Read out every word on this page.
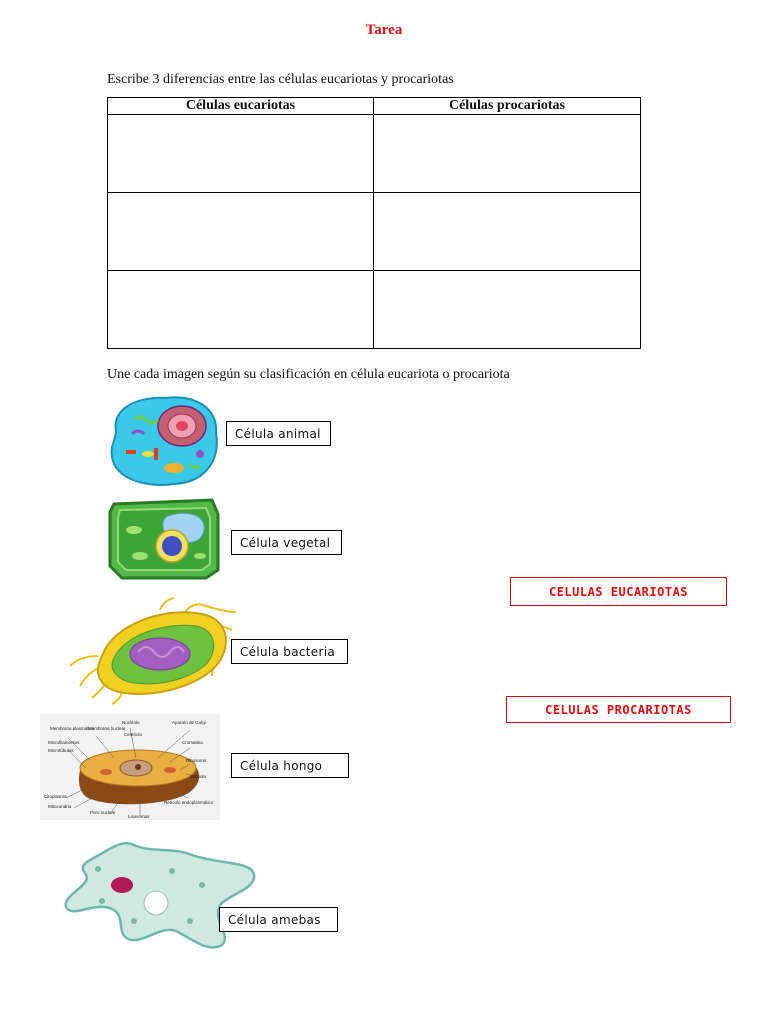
Tarea
Escribe 3 diferencias entre las células eucariotas y procariotas
Células eucariotas	Células procariotas

Une cada imagen según su clasificación en célula eucariota o procariota
Célula animal
Célula vegetal
Célula bacteria
Membrana plasmática
Membrana nuclear
Nucléolo	Aparato de Golgi
Centriolo
Cromatina
Microfilamentos
Microtúbulos
Ribosoma
Vacuola
Citoplasma
Mitocondria
Retículo endoplasmático
Poro nuclear
Lisosomas
Célula hongo
Célula amebas
CELULAS EUCARIOTAS
CELULAS PROCARIOTAS
